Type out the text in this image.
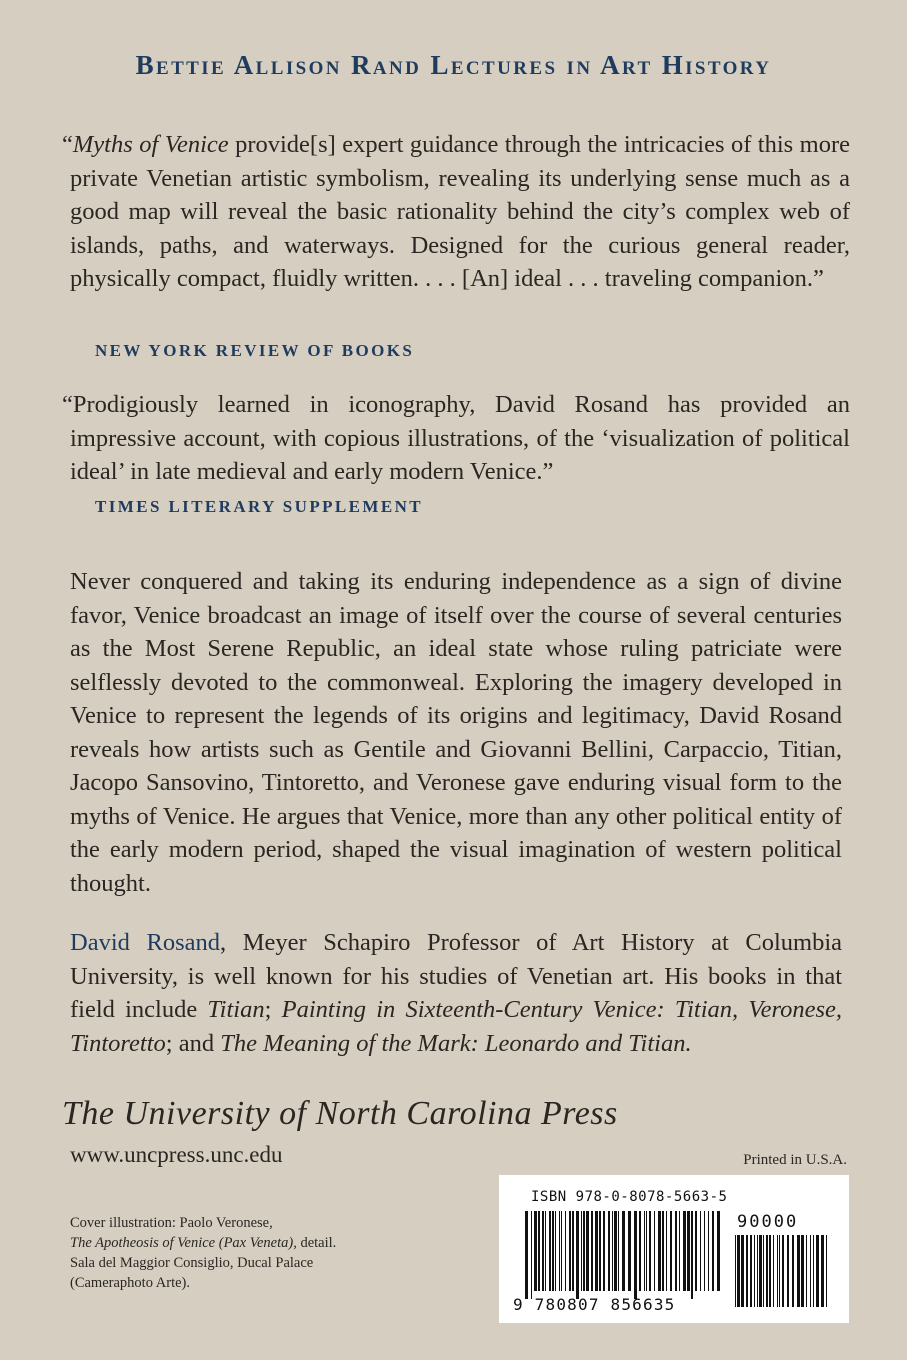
Bettie Allison Rand Lectures in Art History

“Myths of Venice provide[s] expert guidance through the intricacies of this more private Venetian artistic symbolism, revealing its underlying sense much as a good map will reveal the basic rationality behind the city’s complex web of islands, paths, and waterways. Designed for the curious general reader, physically compact, fluidly written. . . . [An] ideal . . . traveling companion.”

NEW YORK REVIEW OF BOOKS

“Prodigiously learned in iconography, David Rosand has provided an impressive account, with copious illustrations, of the ‘visualization of political ideal’ in late medieval and early modern Venice.”

TIMES LITERARY SUPPLEMENT

Never conquered and taking its enduring independence as a sign of divine favor, Venice broadcast an image of itself over the course of several centuries as the Most Serene Republic, an ideal state whose ruling patriciate were selflessly devoted to the commonweal. Exploring the imagery developed in Venice to represent the legends of its origins and legitimacy, David Rosand reveals how artists such as Gentile and Giovanni Bellini, Carpaccio, Titian, Jacopo Sansovino, Tintoretto, and Veronese gave enduring visual form to the myths of Venice. He argues that Venice, more than any other political entity of the early modern period, shaped the visual imagination of western political thought.

David Rosand, Meyer Schapiro Professor of Art History at Columbia University, is well known for his studies of Venetian art. His books in that field include Titian; Painting in Sixteenth-Century Venice: Titian, Veronese, Tintoretto; and The Meaning of the Mark: Leonardo and Titian.

The University of North Carolina Press
www.uncpress.unc.edu	Printed in U.S.A.

Cover illustration: Paolo Veronese,
The Apotheosis of Venice (Pax Veneta), detail.
Sala del Maggior Consiglio, Ducal Palace
(Cameraphoto Arte).

ISBN 978-0-8078-5663-5
90000
9 780807 856635
